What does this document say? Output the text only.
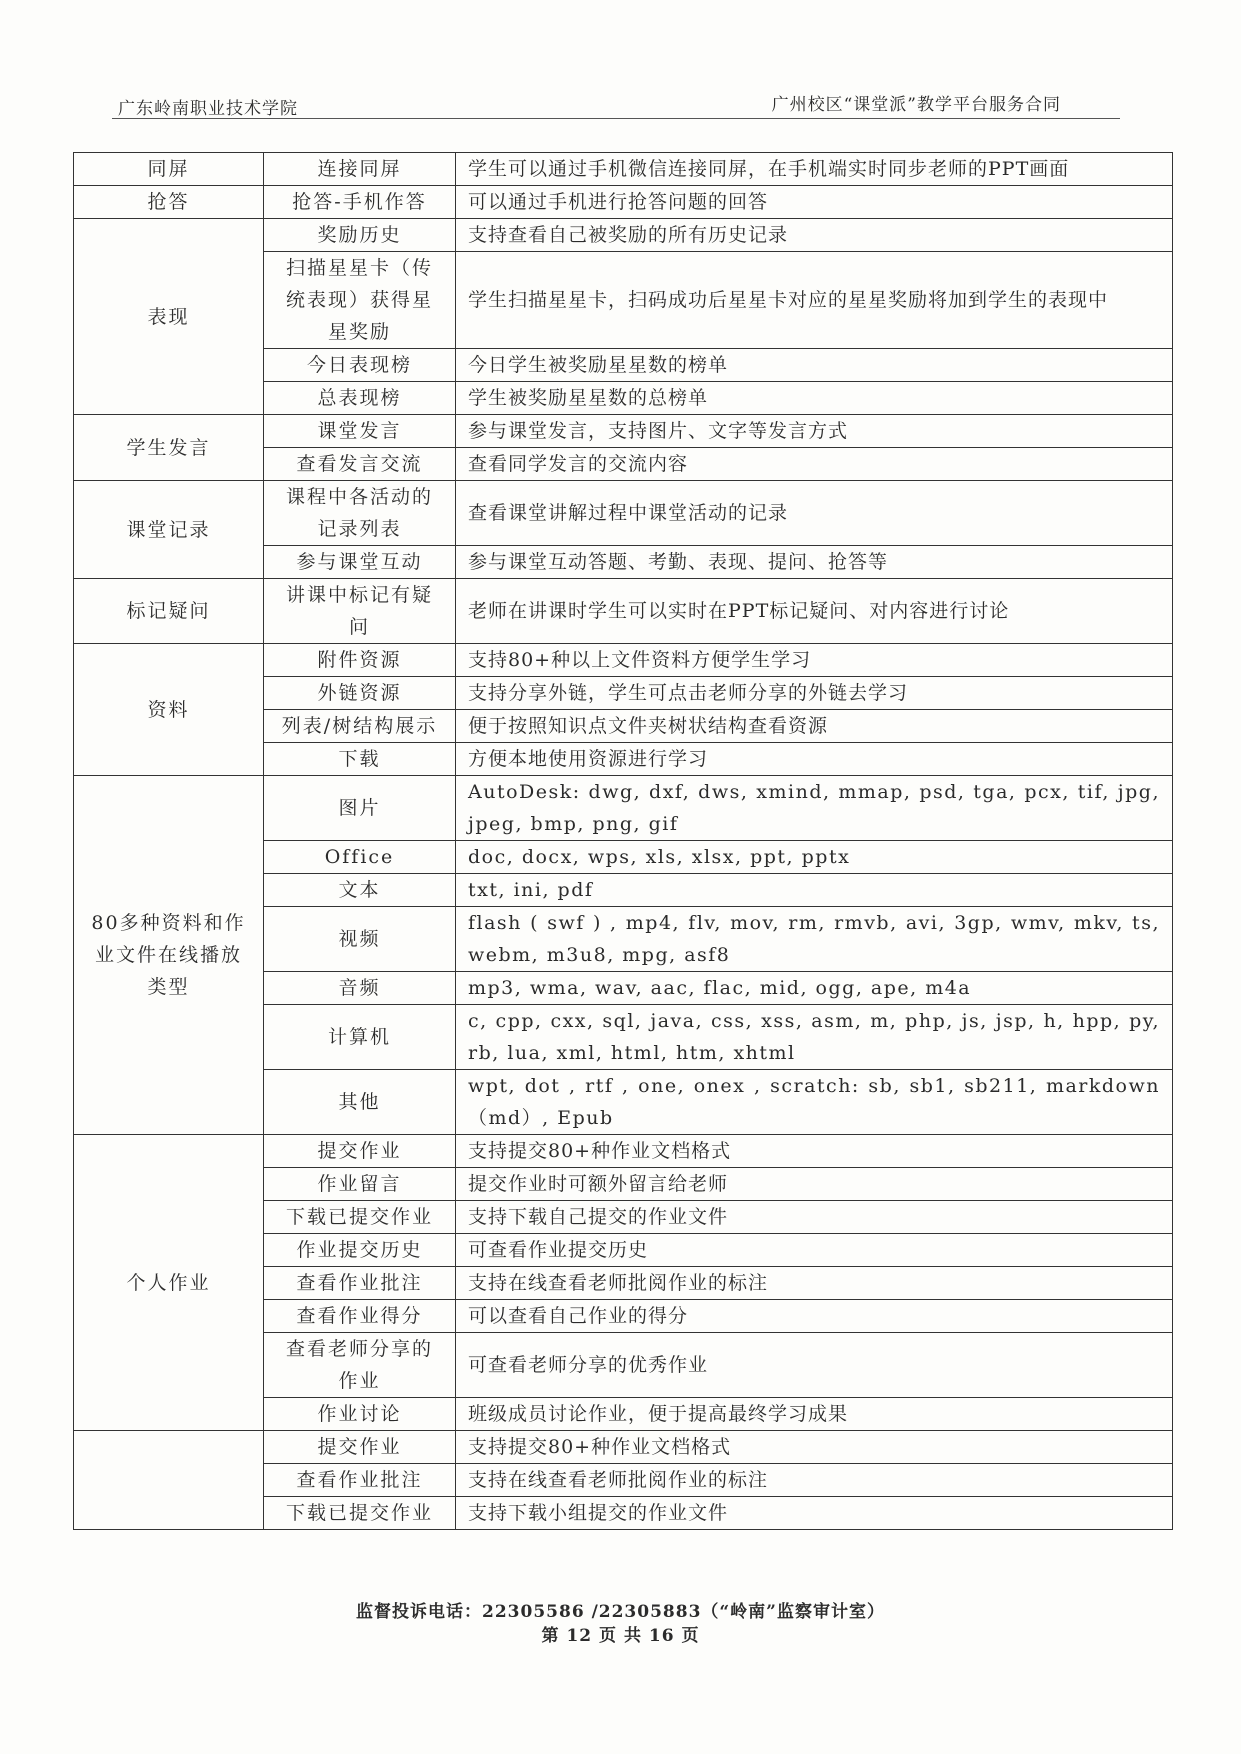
广东岭南职业技术学院	广州校区“课堂派”教学平台服务合同
同屏	连接同屏	学生可以通过手机微信连接同屏，在手机端实时同步老师的PPT画面
抢答	抢答-手机作答	可以通过手机进行抢答问题的回答
表现	奖励历史	支持查看自己被奖励的所有历史记录
	扫描星星卡（传统表现）获得星星奖励	学生扫描星星卡，扫码成功后星星卡对应的星星奖励将加到学生的表现中
	今日表现榜	今日学生被奖励星星数的榜单
	总表现榜	学生被奖励星星数的总榜单
学生发言	课堂发言	参与课堂发言，支持图片、文字等发言方式
	查看发言交流	查看同学发言的交流内容
课堂记录	课程中各活动的记录列表	查看课堂讲解过程中课堂活动的记录
	参与课堂互动	参与课堂互动答题、考勤、表现、提问、抢答等
标记疑问	讲课中标记有疑问	老师在讲课时学生可以实时在PPT标记疑问、对内容进行讨论
资料	附件资源	支持80+种以上文件资料方便学生学习
	外链资源	支持分享外链，学生可点击老师分享的外链去学习
	列表/树结构展示	便于按照知识点文件夹树状结构查看资源
	下载	方便本地使用资源进行学习
80多种资料和作业文件在线播放类型	图片	AutoDesk: dwg, dxf, dws, xmind, mmap, psd, tga, pcx, tif, jpg, jpeg, bmp, png, gif
	Office	doc, docx, wps, xls, xlsx, ppt, pptx
	文本	txt, ini, pdf
	视频	flash ( swf ) , mp4, flv, mov, rm, rmvb, avi, 3gp, wmv, mkv, ts, webm, m3u8, mpg, asf8
	音频	mp3, wma, wav, aac, flac, mid, ogg, ape, m4a
	计算机	c, cpp, cxx, sql, java, css, xss, asm, m, php, js, jsp, h, hpp, py, rb, lua, xml, html, htm, xhtml
	其他	wpt, dot , rtf , one, onex , scratch: sb, sb1, sb211, markdown （md）, Epub
个人作业	提交作业	支持提交80+种作业文档格式
	作业留言	提交作业时可额外留言给老师
	下载已提交作业	支持下载自己提交的作业文件
	作业提交历史	可查看作业提交历史
	查看作业批注	支持在线查看老师批阅作业的标注
	查看作业得分	可以查看自己作业的得分
	查看老师分享的作业	可查看老师分享的优秀作业
	作业讨论	班级成员讨论作业，便于提高最终学习成果
	提交作业	支持提交80+种作业文档格式
	查看作业批注	支持在线查看老师批阅作业的标注
	下载已提交作业	支持下载小组提交的作业文件
监督投诉电话：22305586 /22305883（“岭南”监察审计室）
第 12 页 共 16 页
